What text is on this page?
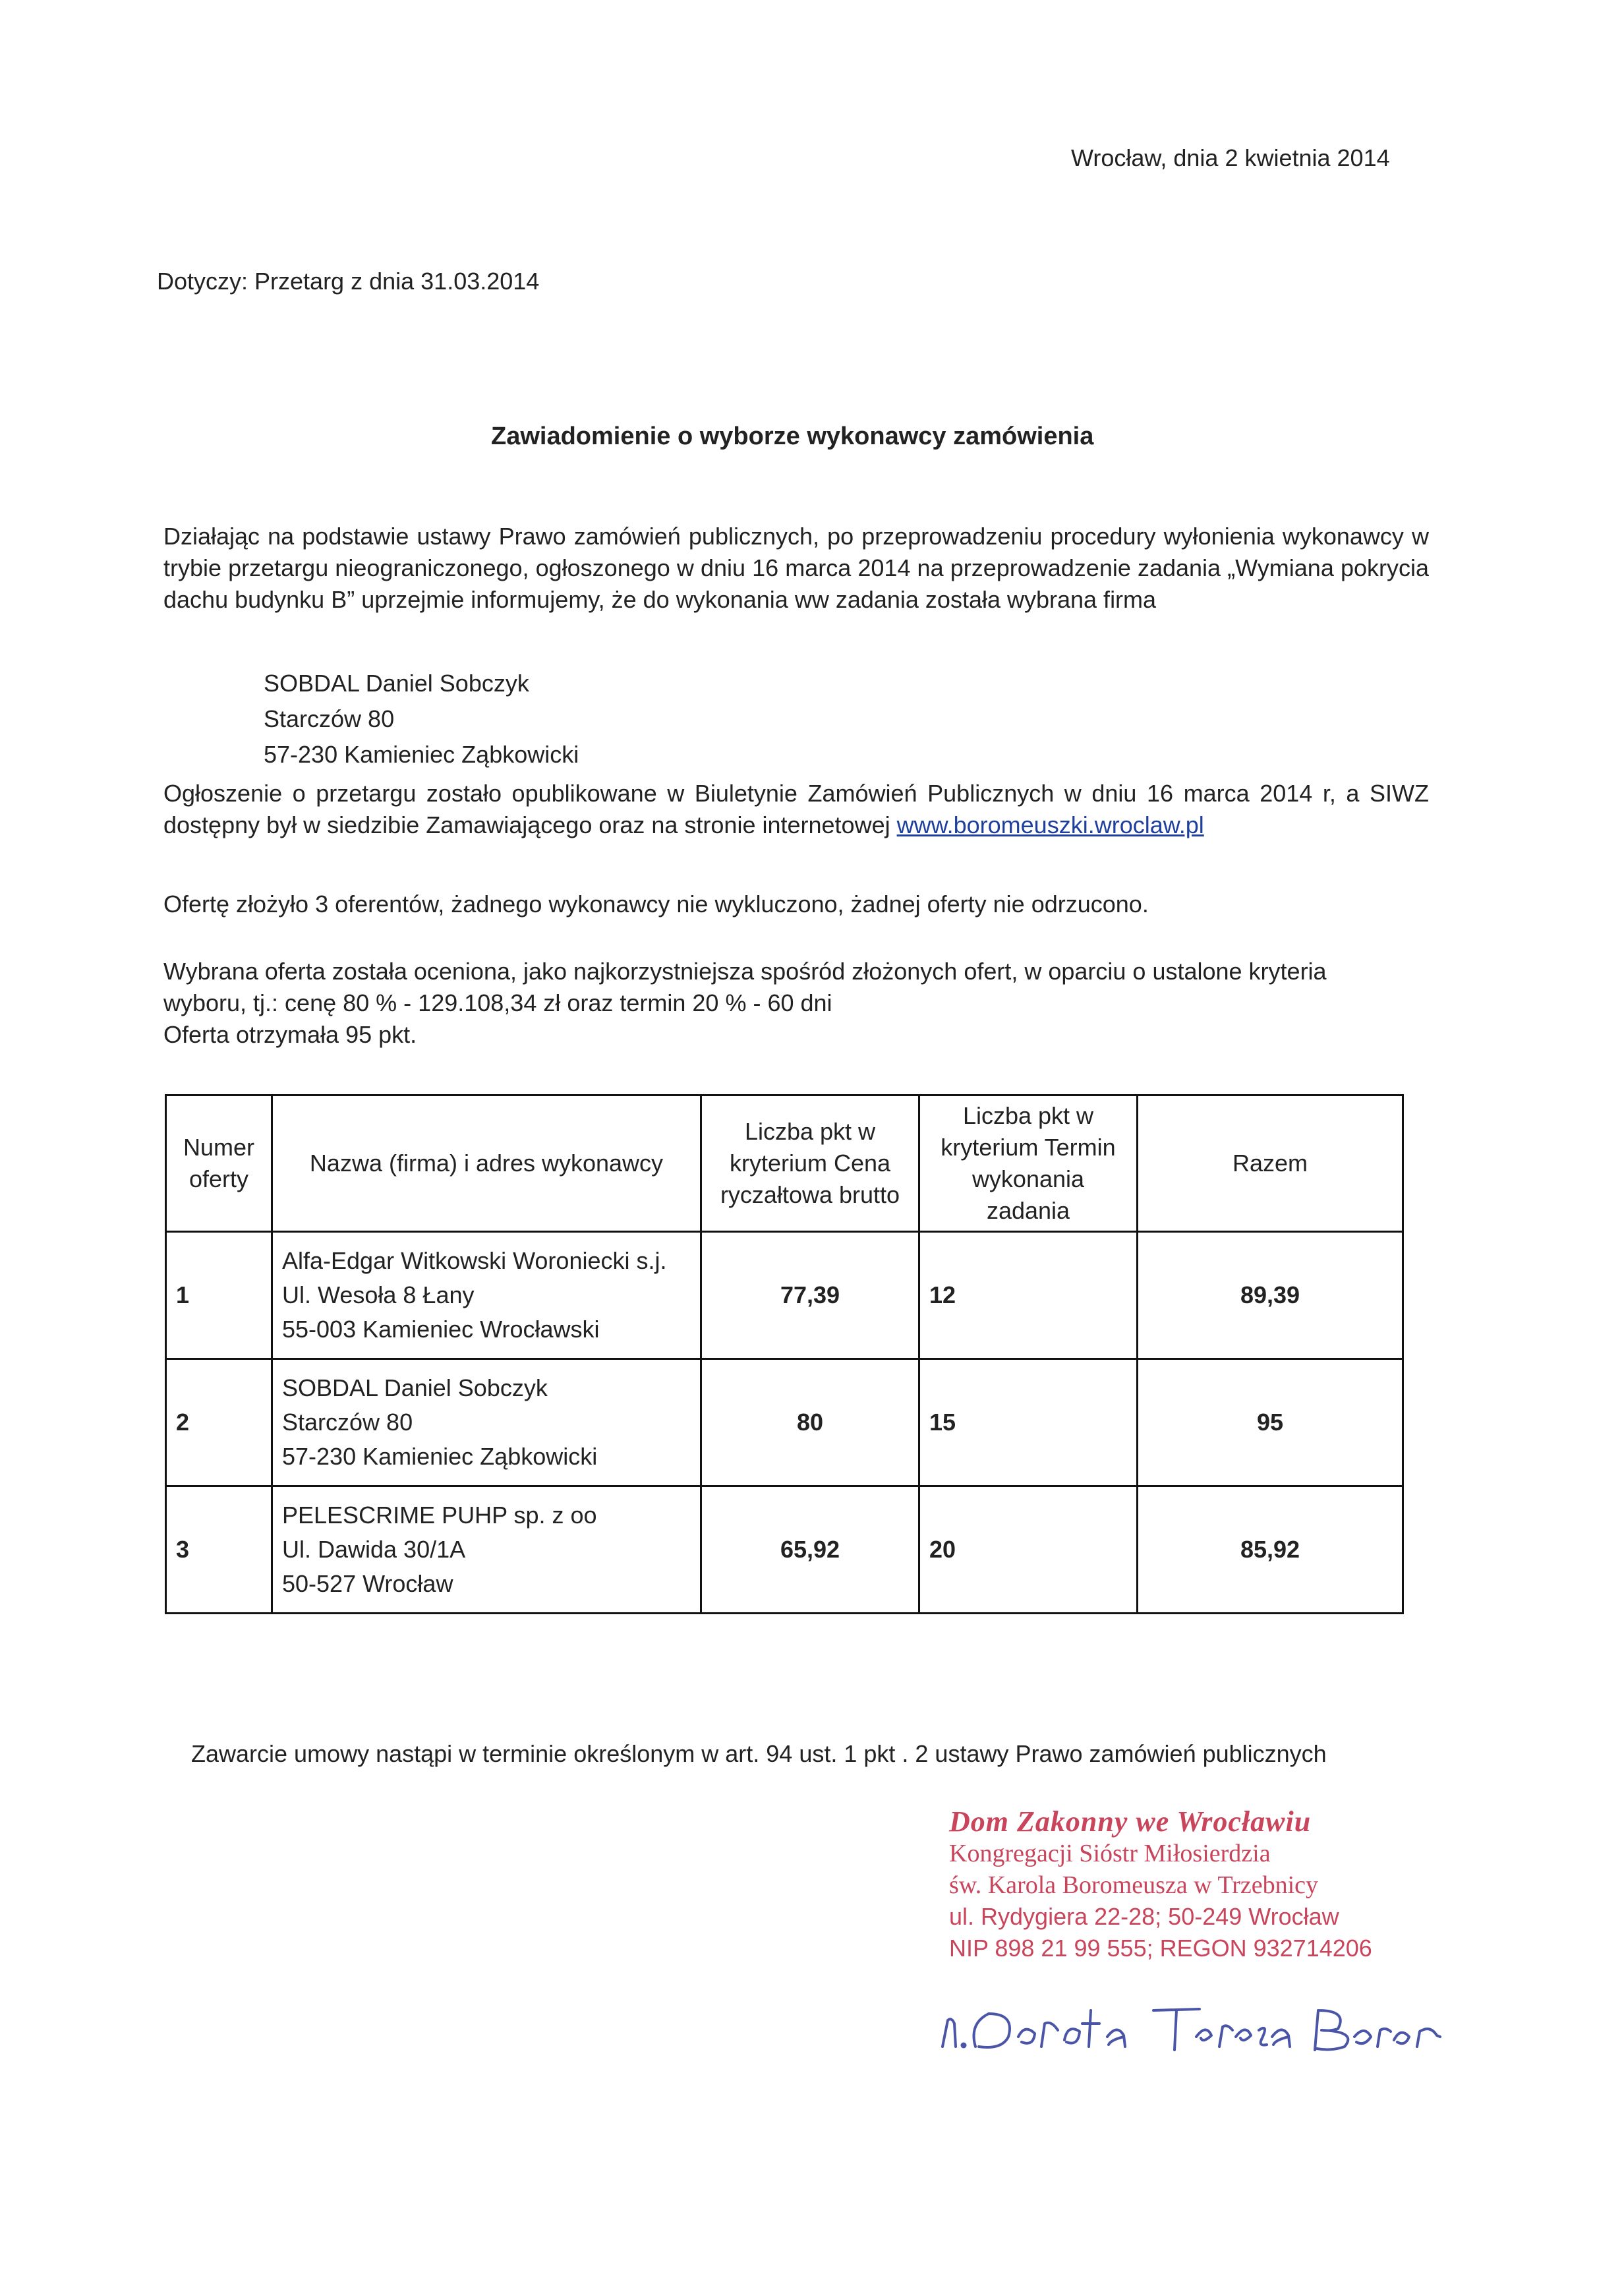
Wrocław, dnia 2 kwietnia 2014
Dotyczy: Przetarg z dnia 31.03.2014
Zawiadomienie o wyborze wykonawcy zamówienia
Działając na podstawie ustawy Prawo zamówień publicznych, po przeprowadzeniu procedury wyłonienia wykonawcy w trybie przetargu nieograniczonego, ogłoszonego w dniu 16 marca 2014 na przeprowadzenie zadania „Wymiana pokrycia dachu budynku B” uprzejmie informujemy, że do wykonania ww zadania została wybrana firma
SOBDAL Daniel Sobczyk
Starczów 80
57-230 Kamieniec Ząbkowicki
Ogłoszenie o przetargu zostało opublikowane w Biuletynie Zamówień Publicznych w dniu 16 marca 2014 r, a SIWZ dostępny był w siedzibie Zamawiającego oraz na stronie internetowej www.boromeuszki.wroclaw.pl
Ofertę złożyło 3 oferentów, żadnego wykonawcy nie wykluczono, żadnej oferty nie odrzucono.
Wybrana oferta została oceniona, jako najkorzystniejsza spośród złożonych ofert, w oparciu o ustalone kryteria
wyboru, tj.: cenę 80 % - 129.108,34 zł oraz termin 20 % - 60 dni
Oferta otrzymała 95 pkt.
Numer oferty	Nazwa (firma) i adres wykonawcy	Liczba pkt w kryterium Cena ryczałtowa brutto	Liczba pkt w kryterium Termin wykonania zadania	Razem
1	Alfa-Edgar Witkowski Woroniecki s.j.
Ul. Wesoła 8 Łany
55-003 Kamieniec Wrocławski	77,39	12	89,39
2	SOBDAL Daniel Sobczyk
Starczów 80
57-230 Kamieniec Ząbkowicki	80	15	95
3	PELESCRIME PUHP sp. z oo
Ul. Dawida 30/1A
50-527 Wrocław	65,92	20	85,92
Zawarcie umowy nastąpi w terminie określonym w art. 94 ust. 1 pkt . 2 ustawy Prawo zamówień publicznych
Dom Zakonny we Wrocławiu
Kongregacji Sióstr Miłosierdzia
św. Karola Boromeusza w Trzebnicy
ul. Rydygiera 22-28; 50-249 Wrocław
NIP 898 21 99 555; REGON 932714206
n. Dorota Teresa Boron
